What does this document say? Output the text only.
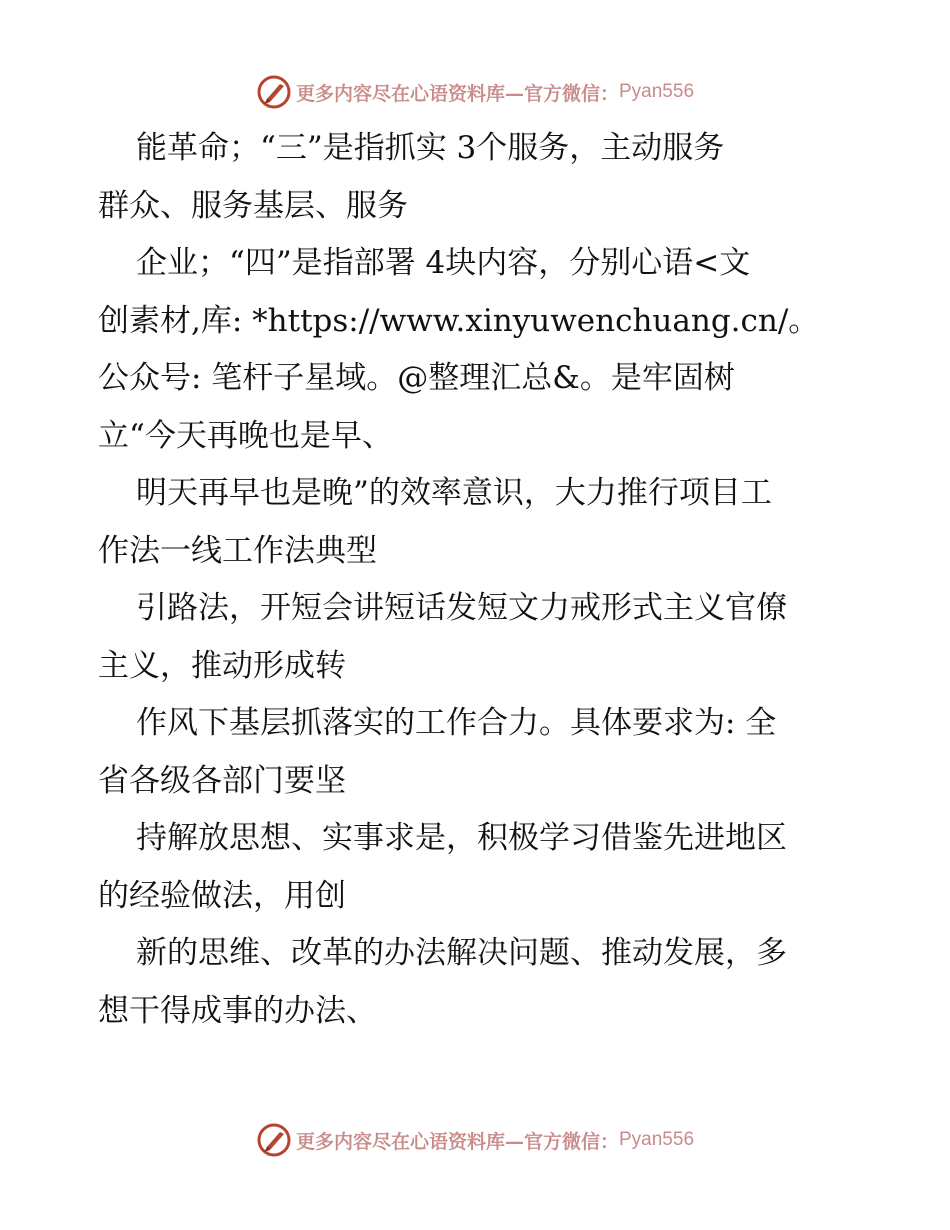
更多内容尽在心语资料库—官方微信： Pyan556
能革命；“三”是指抓实 3个服务，主动服务
群众、服务基层、服务
企业；“四”是指部署 4块内容，分别心语<文
创素材,库: *https://www.xinyuwenchuang.cn/。
公众号: 笔杆子星域。@整理汇总&。是牢固树
立“今天再晚也是早、
明天再早也是晚”的效率意识，大力推行项目工
作法一线工作法典型
引路法，开短会讲短话发短文力戒形式主义官僚
主义，推动形成转
作风下基层抓落实的工作合力。具体要求为: 全
省各级各部门要坚
持解放思想、实事求是，积极学习借鉴先进地区
的经验做法，用创
新的思维、改革的办法解决问题、推动发展，多
想干得成事的办法、
更多内容尽在心语资料库—官方微信： Pyan556
